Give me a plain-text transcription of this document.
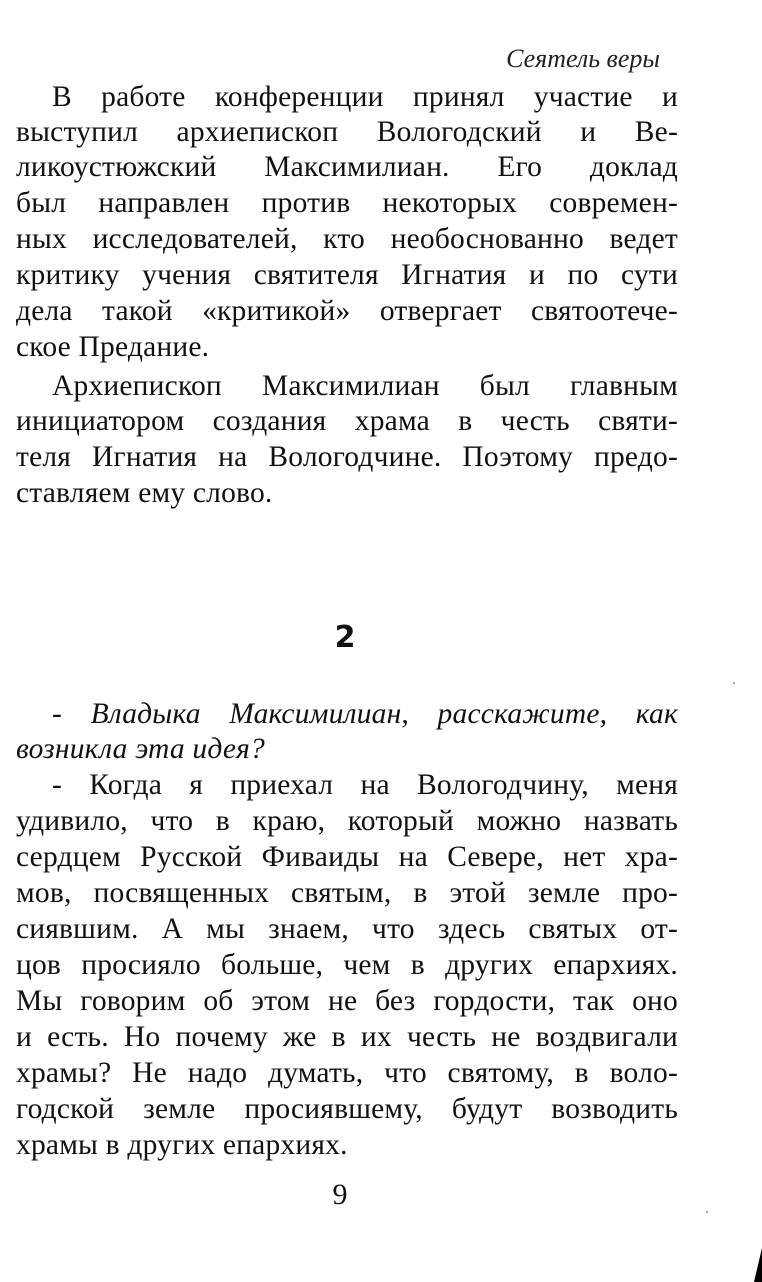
Сеятель веры
В работе конференции принял участие и
выступил архиепископ Вологодский и Ве-
ликоустюжский Максимилиан. Его доклад
был направлен против некоторых современ-
ных исследователей, кто необоснованно ведет
критику учения святителя Игнатия и по сути
дела такой «критикой» отвергает святоотече-
ское Предание.
Архиепископ Максимилиан был главным
инициатором создания храма в честь святи-
теля Игнатия на Вологодчине. Поэтому предо-
ставляем ему слово.
2
- Владыка Максимилиан, расскажите, как
возникла эта идея?
- Когда я приехал на Вологодчину, меня
удивило, что в краю, который можно назвать
сердцем Русской Фиваиды на Севере, нет хра-
мов, посвященных святым, в этой земле про-
сиявшим. А мы знаем, что здесь святых от-
цов просияло больше, чем в других епархиях.
Мы говорим об этом не без гордости, так оно
и есть. Но почему же в их честь не воздвигали
храмы? Не надо думать, что святому, в воло-
годской земле просиявшему, будут возводить
храмы в других епархиях.
9
